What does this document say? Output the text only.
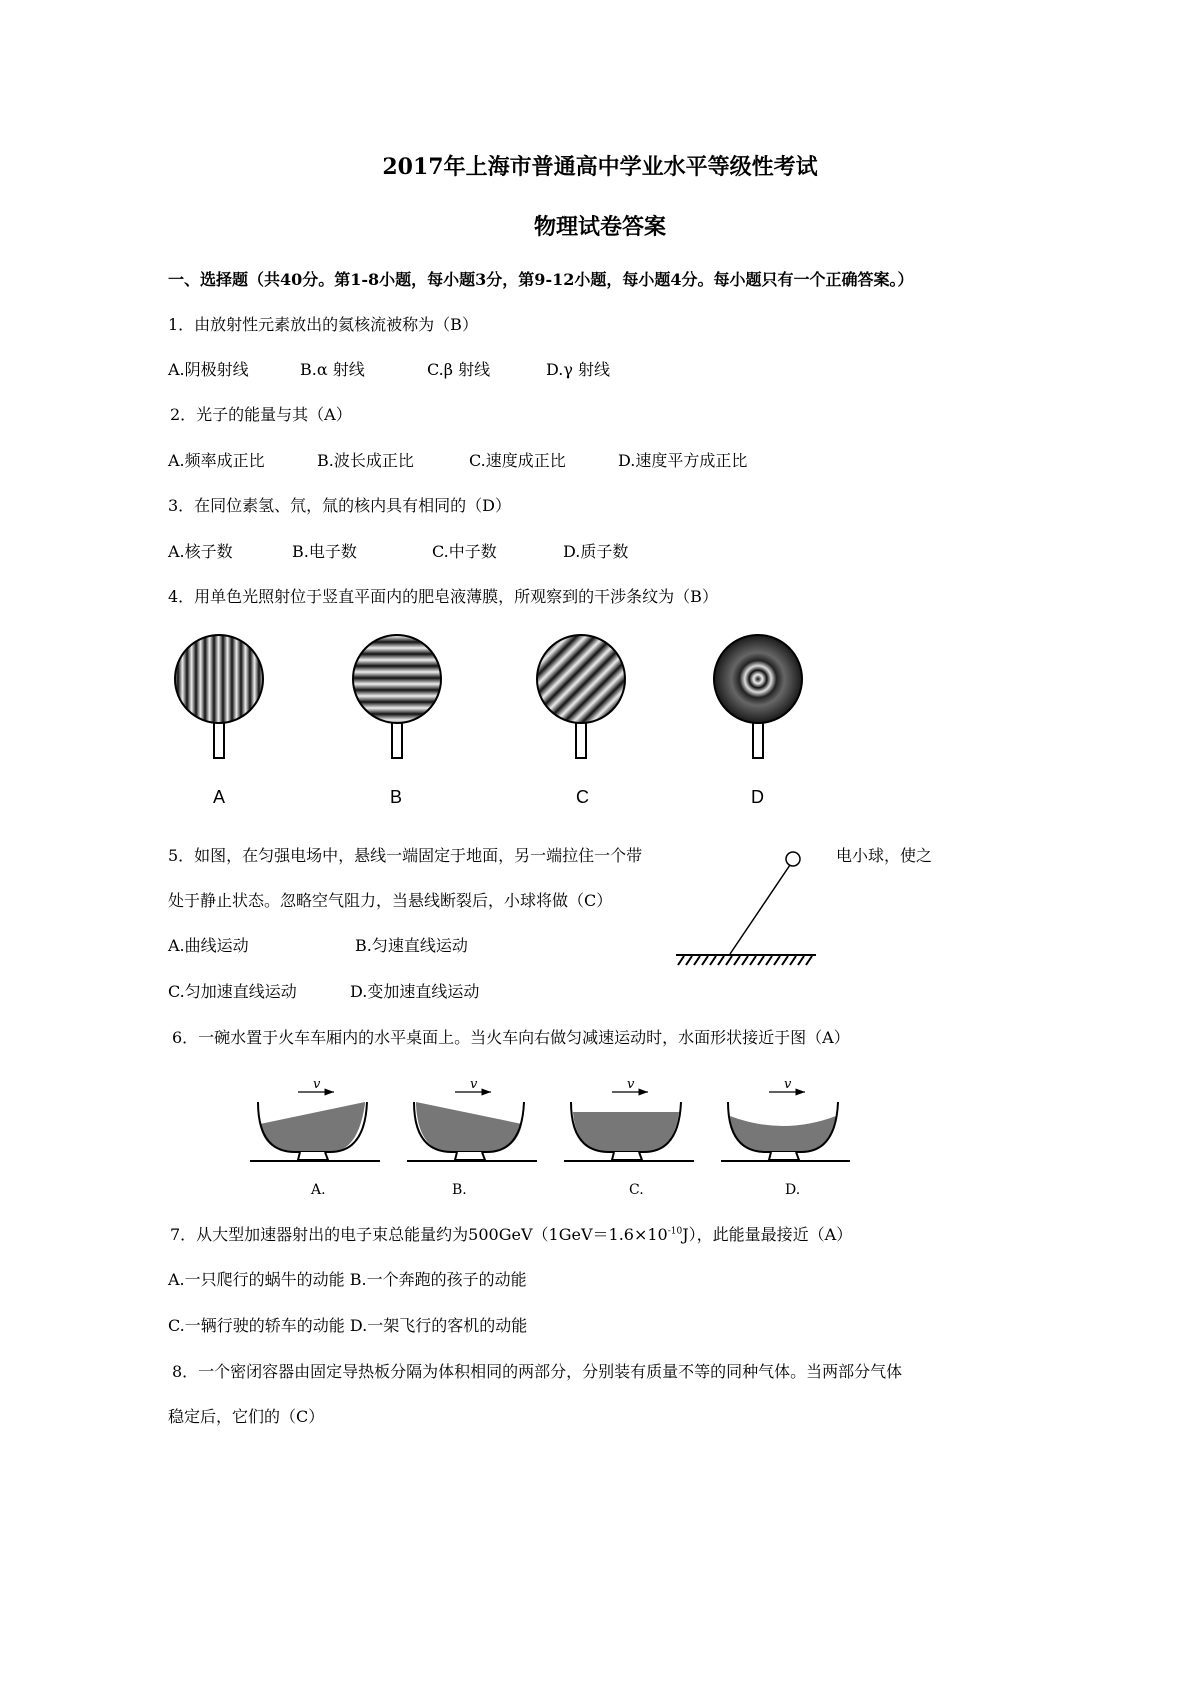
2017年上海市普通高中学业水平等级性考试
物理试卷答案
一、选择题（共40分。第1-8小题，每小题3分，第9-12小题，每小题4分。每小题只有一个正确答案。）
1．由放射性元素放出的氦核流被称为（B）
A.阴极射线	B.α 射线	C.β 射线	D.γ 射线
2．光子的能量与其（A）
A.频率成正比	B.波长成正比	C.速度成正比	D.速度平方成正比
3．在同位素氢、氘，氚的核内具有相同的（D）
A.核子数	B.电子数	C.中子数	D.质子数
4．用单色光照射位于竖直平面内的肥皂液薄膜，所观察到的干涉条纹为（B）
A	B	C	D
5．如图，在匀强电场中，悬线一端固定于地面，另一端拉住一个带	电小球，使之
处于静止状态。忽略空气阻力，当悬线断裂后，小球将做（C）
A.曲线运动	B.匀速直线运动
C.匀加速直线运动	D.变加速直线运动
6．一碗水置于火车车厢内的水平桌面上。当火车向右做匀减速运动时，水面形状接近于图（A）
v	v	v	v
A.	B.	C.	D.
7．从大型加速器射出的电子束总能量约为$500GeV(1GeV=1.6\times 10^{-10}J)$，此能量最接近（A）
A.一只爬行的蜗牛的动能 B.一个奔跑的孩子的动能
C.一辆行驶的轿车的动能 D.一架飞行的客机的动能
8．一个密闭容器由固定导热板分隔为体积相同的两部分，分别装有质量不等的同种气体。当两部分气体
稳定后，它们的（C）
